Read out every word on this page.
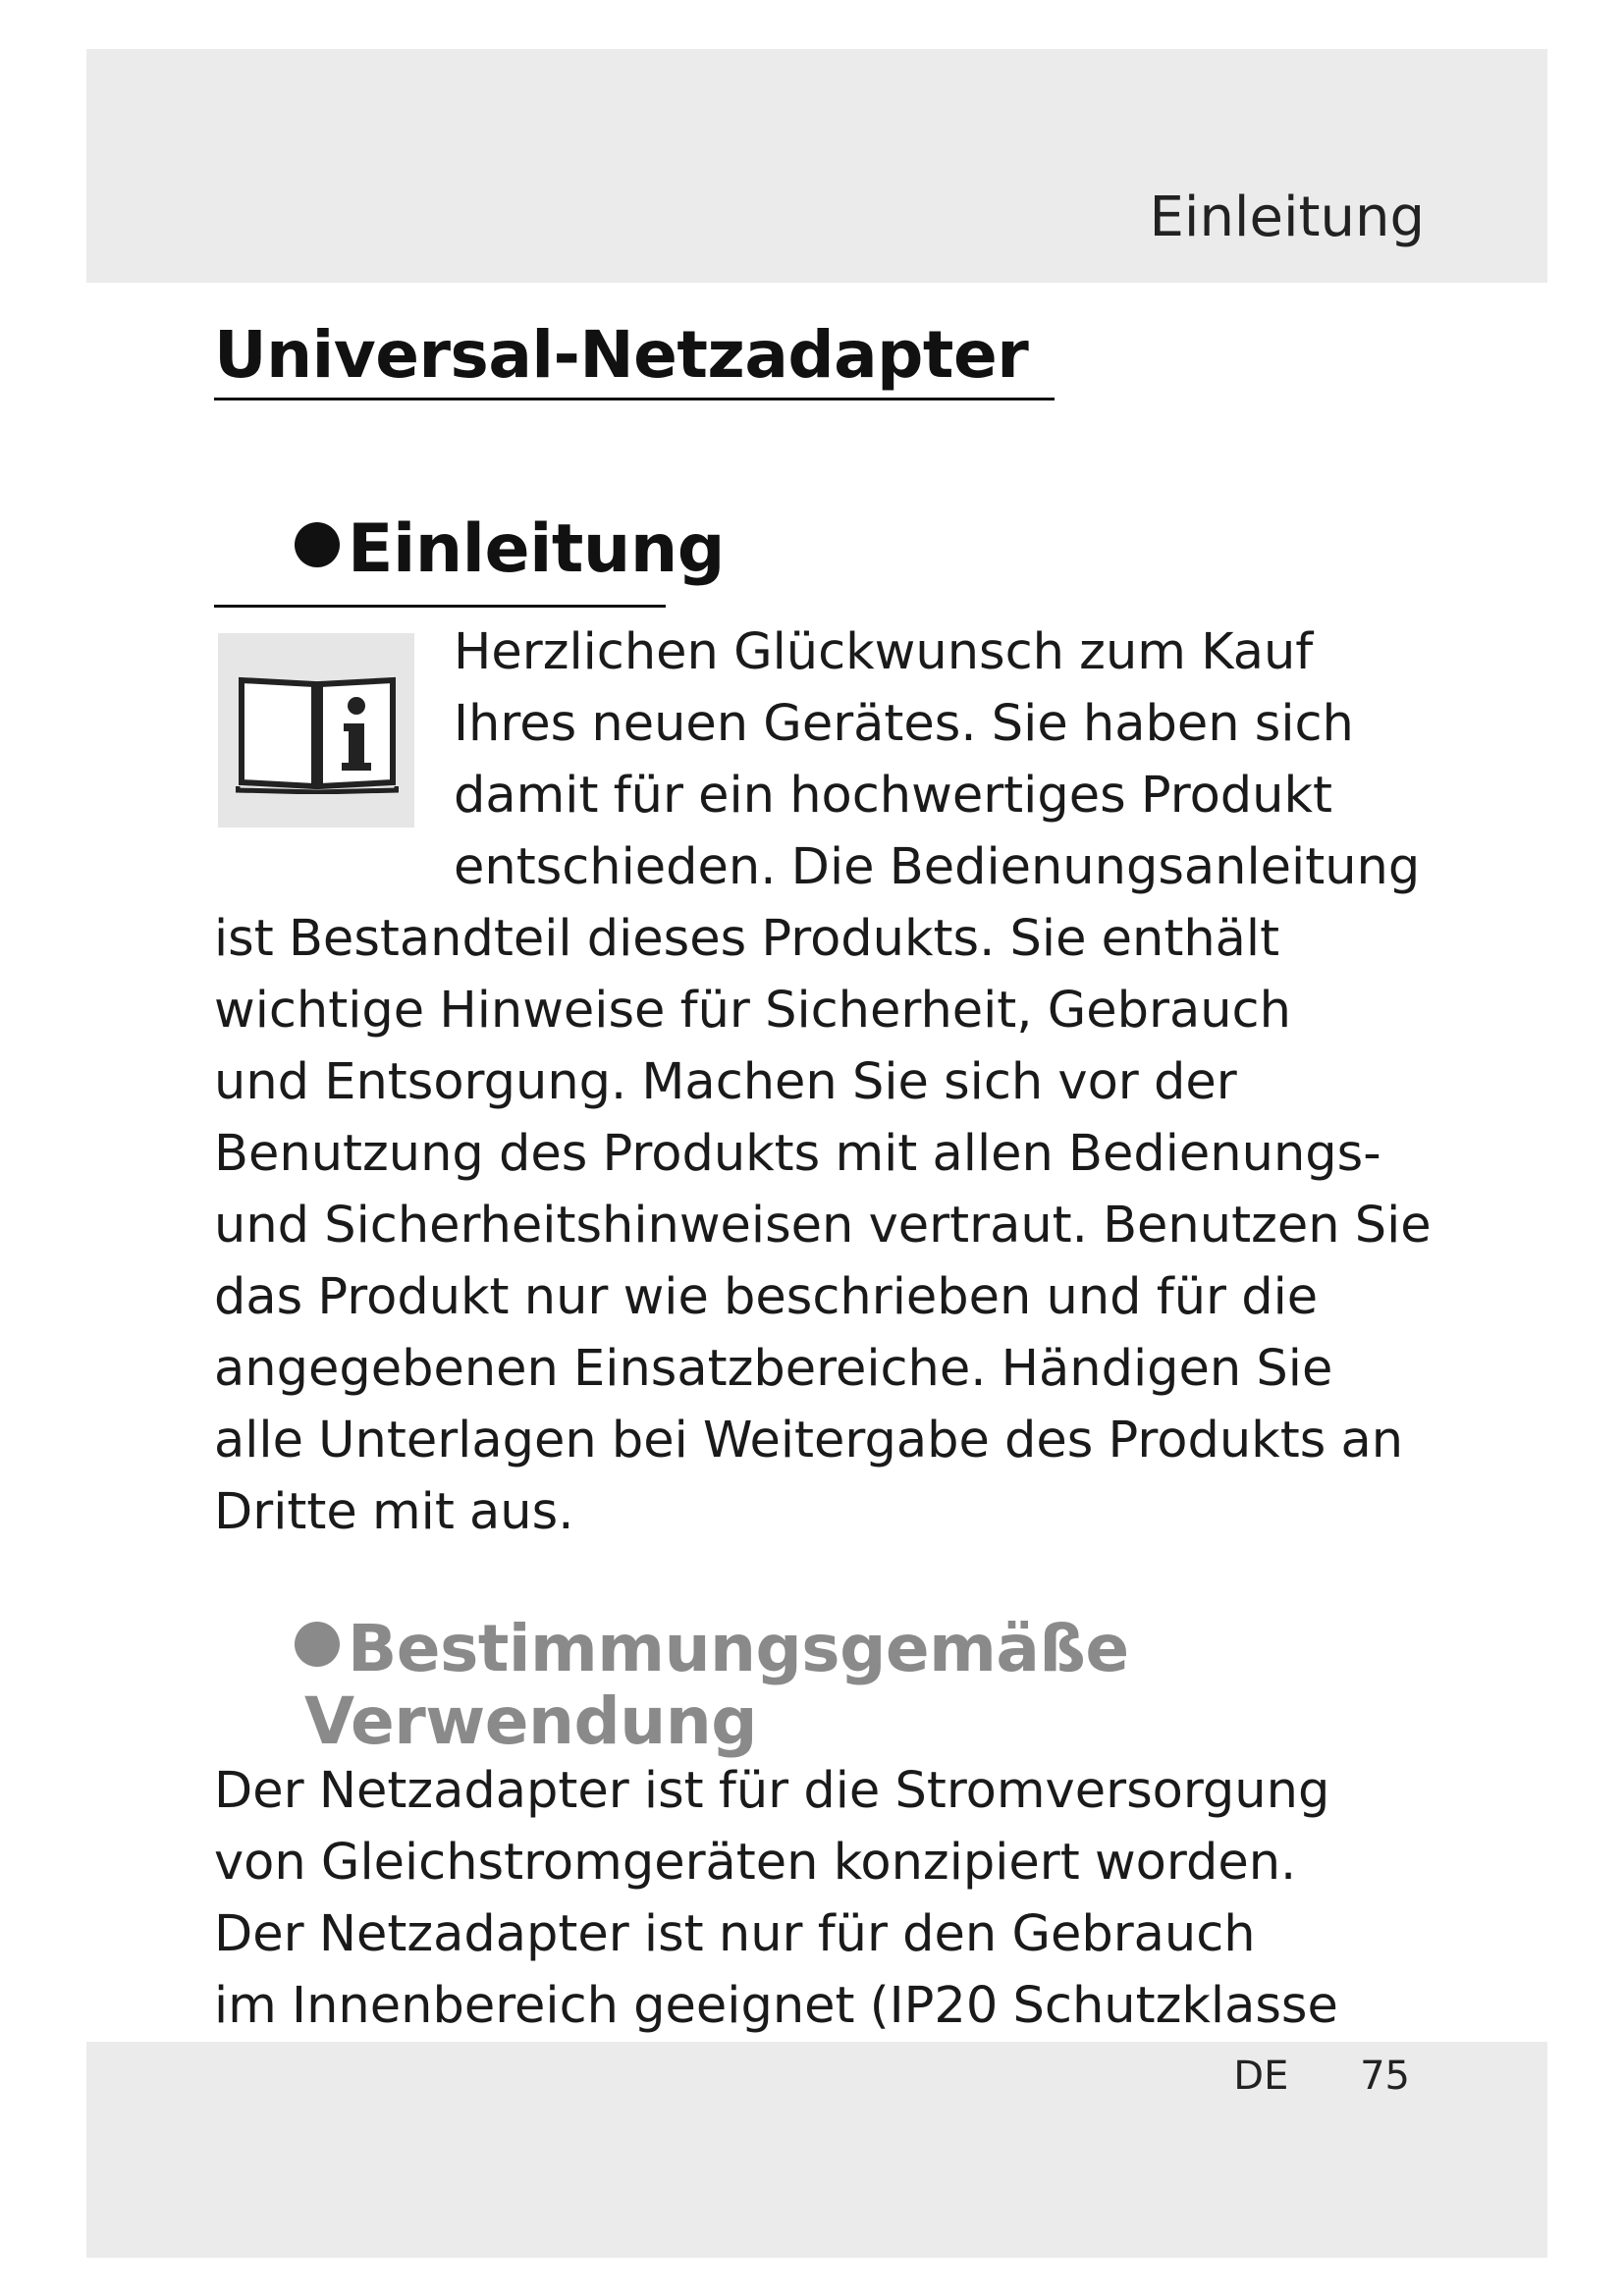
Einleitung
Universal-Netzadapter
Einleitung
Herzlichen Glückwunsch zum Kauf
Ihres neuen Gerätes. Sie haben sich
damit für ein hochwertiges Produkt
entschieden. Die Bedienungsanleitung
ist Bestandteil dieses Produkts. Sie enthält
wichtige Hinweise für Sicherheit, Gebrauch
und Entsorgung. Machen Sie sich vor der
Benutzung des Produkts mit allen Bedienungs-
und Sicherheitshinweisen vertraut. Benutzen Sie
das Produkt nur wie beschrieben und für die
angegebenen Einsatzbereiche. Händigen Sie
alle Unterlagen bei Weitergabe des Produkts an
Dritte mit aus.
Bestimmungsgemäße
Verwendung
Der Netzadapter ist für die Stromversorgung
von Gleichstromgeräten konzipiert worden.
Der Netzadapter ist nur für den Gebrauch
im Innenbereich geeignet (IP20 Schutzklasse
DE 75
